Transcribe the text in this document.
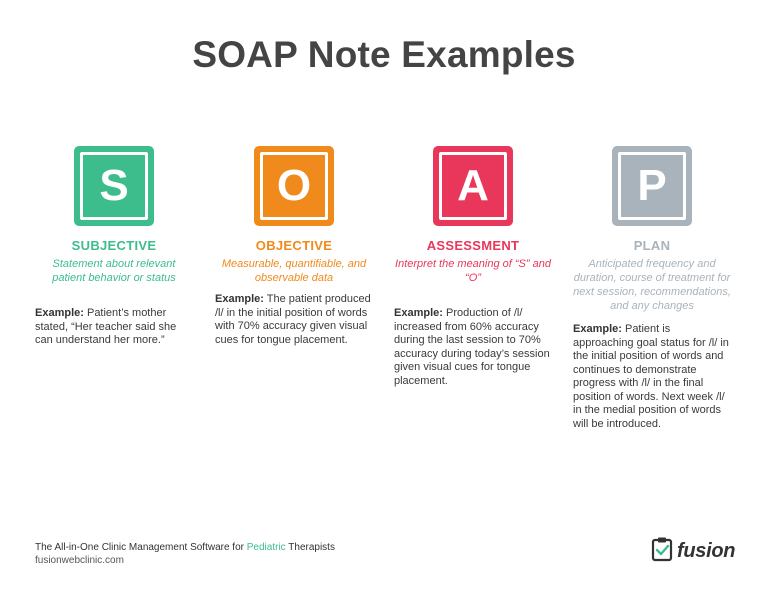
SOAP Note Examples
S
SUBJECTIVE
Statement about relevant patient behavior or status
Example: Patient’s mother stated, “Her teacher said she can understand her more.”
O
OBJECTIVE
Measurable, quantifiable, and observable data
Example: The patient produced /l/ in the initial position of words with 70% accuracy given visual cues for tongue placement.
A
ASSESSMENT
Interpret the meaning of “S” and “O”
Example: Production of /l/ increased from 60% accuracy during the last session to 70% accuracy during today’s session given visual cues for tongue placement.
P
PLAN
Anticipated frequency and duration, course of treatment for next session, recommendations, and any changes
Example: Patient is approaching goal status for /l/ in the initial position of words and continues to demonstrate progress with /l/ in the final position of words. Next week /l/ in the medial position of words will be introduced.
The All-in-One Clinic Management Software for Pediatric Therapists
fusionwebclinic.com	fusion
